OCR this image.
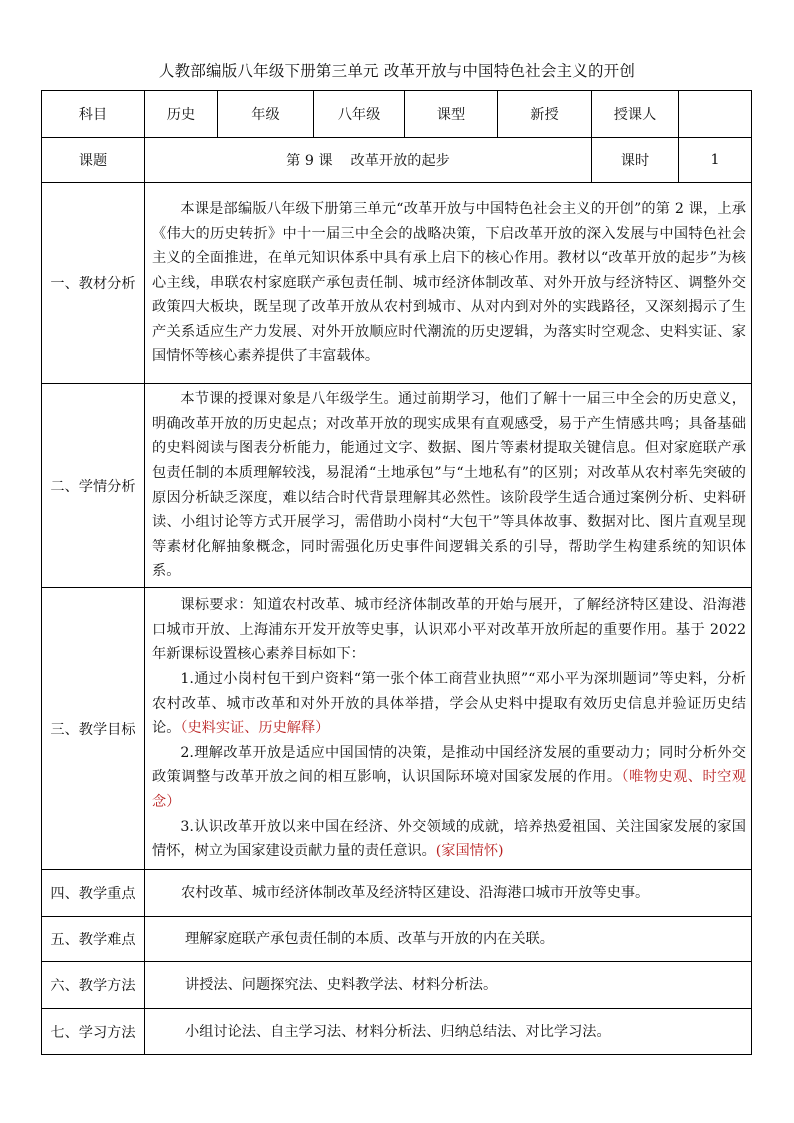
人教部编版八年级下册第三单元 改革开放与中国特色社会主义的开创
科目	历史	年级	八年级	课型	新授	授课人	
课题	第 9 课 改革开放的起步					课时	1
一、教材分析	本课是部编版八年级下册第三单元“改革开放与中国特色社会主义的开创”的第 2 课，上承《伟大的历史转折》中十一届三中全会的战略决策，下启改革开放的深入发展与中国特色社会主义的全面推进，在单元知识体系中具有承上启下的核心作用。教材以“改革开放的起步”为核心主线，串联农村家庭联产承包责任制、城市经济体制改革、对外开放与经济特区、调整外交政策四大板块，既呈现了改革开放从农村到城市、从对内到对外的实践路径，又深刻揭示了生产关系适应生产力发展、对外开放顺应时代潮流的历史逻辑，为落实时空观念、史料实证、家国情怀等核心素养提供了丰富载体。						

二、学情分析	本节课的授课对象是八年级学生。通过前期学习，他们了解十一届三中全会的历史意义，明确改革开放的历史起点；对改革开放的现实成果有直观感受，易于产生情感共鸣；具备基础的史料阅读与图表分析能力，能通过文字、数据、图片等素材提取关键信息。但对家庭联产承包责任制的本质理解较浅，易混淆“土地承包”与“土地私有”的区别；对改革从农村率先突破的原因分析缺乏深度，难以结合时代背景理解其必然性。该阶段学生适合通过案例分析、史料研读、小组讨论等方式开展学习，需借助小岗村“大包干”等具体故事、数据对比、图片直观呈现等素材化解抽象概念，同时需强化历史事件间逻辑关系的引导，帮助学生构建系统的知识体系。						

三、教学目标	课标要求：知道农村改革、城市经济体制改革的开始与展开，了解经济特区建设、沿海港口城市开放、上海浦东开发开放等史事，认识邓小平对改革开放所起的重要作用。基于 2022 年新课标设置核心素养目标如下：

1.通过小岗村包干到户资料“第一张个体工商营业执照”“邓小平为深圳题词”等史料，分析农村改革、城市改革和对外开放的具体举措，学会从史料中提取有效历史信息并验证历史结论。（史料实证、历史解释）

2.理解改革开放是适应中国国情的决策，是推动中国经济发展的重要动力；同时分析外交政策调整与改革开放之间的相互影响，认识国际环境对国家发展的作用。（唯物史观、时空观念）

3.认识改革开放以来中国在经济、外交领域的成就，培养热爱祖国、关注国家发展的家国情怀，树立为国家建设贡献力量的责任意识。(家国情怀)						

四、教学重点	农村改革、城市经济体制改革及经济特区建设、沿海港口城市开放等史事。						
五、教学难点	理解家庭联产承包责任制的本质、改革与开放的内在关联。						
六、教学方法	讲授法、问题探究法、史料教学法、材料分析法。						
七、学习方法	小组讨论法、自主学习法、材料分析法、归纳总结法、对比学习法。						
